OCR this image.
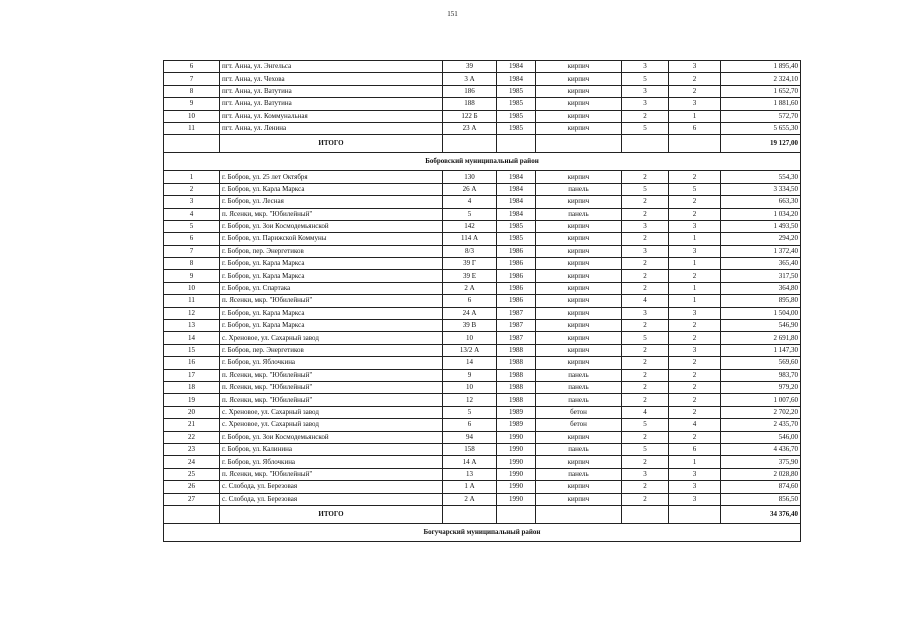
151
6	пгт. Анна, ул. Энгельса	39	1984	кирпич	3	3	1 895,40
7	пгт. Анна, ул. Чехова	3 А	1984	кирпич	5	2	2 324,10
8	пгт. Анна, ул. Ватутина	186	1985	кирпич	3	2	1 652,70
9	пгт. Анна, ул. Ватутина	188	1985	кирпич	3	3	1 881,60
10	пгт. Анна, ул. Коммунальная	122 Б	1985	кирпич	2	1	572,70
11	пгт. Анна, ул. Ленина	23 А	1985	кирпич	5	6	5 655,30
	ИТОГО						19 127,00
Бобровский муниципальный район							
1	г. Бобров, ул. 25 лет Октября	130	1984	кирпич	2	2	554,30
2	г. Бобров, ул. Карла Маркса	26 А	1984	панель	5	5	3 334,50
3	г. Бобров, ул. Лесная	4	1984	кирпич	2	2	663,30
4	п. Ясенки, мкр. "Юбилейный"	5	1984	панель	2	2	1 034,20
5	г. Бобров, ул. Зои Космодемьянской	142	1985	кирпич	3	3	1 493,50
6	г. Бобров, ул. Парижской Коммуны	114 А	1985	кирпич	2	1	294,20
7	г. Бобров, пер. Энергетиков	8/3	1986	кирпич	3	3	1 372,40
8	г. Бобров, ул. Карла Маркса	39 Г	1986	кирпич	2	1	365,40
9	г. Бобров, ул. Карла Маркса	39 Е	1986	кирпич	2	2	317,50
10	г. Бобров, ул. Спартака	2 А	1986	кирпич	2	1	364,80
11	п. Ясенки, мкр. "Юбилейный"	6	1986	кирпич	4	1	895,80
12	г. Бобров, ул. Карла Маркса	24 А	1987	кирпич	3	3	1 504,00
13	г. Бобров, ул. Карла Маркса	39 В	1987	кирпич	2	2	546,90
14	с. Хреновое, ул. Сахарный завод	10	1987	кирпич	5	2	2 691,80
15	г. Бобров, пер. Энергетиков	13/2 А	1988	кирпич	2	3	1 147,30
16	г. Бобров, ул. Яблочкина	14	1988	кирпич	2	2	569,60
17	п. Ясенки, мкр. "Юбилейный"	9	1988	панель	2	2	983,70
18	п. Ясенки, мкр. "Юбилейный"	10	1988	панель	2	2	979,20
19	п. Ясенки, мкр. "Юбилейный"	12	1988	панель	2	2	1 007,60
20	с. Хреновое, ул. Сахарный завод	5	1989	бетон	4	2	2 702,20
21	с. Хреновое, ул. Сахарный завод	6	1989	бетон	5	4	2 435,70
22	г. Бобров, ул. Зои Космодемьянской	94	1990	кирпич	2	2	546,00
23	г. Бобров, ул. Калинина	158	1990	панель	5	6	4 436,70
24	г. Бобров, ул. Яблочкина	14 А	1990	кирпич	2	1	375,90
25	п. Ясенки, мкр. "Юбилейный"	13	1990	панель	3	3	2 028,80
26	с. Слобода, ул. Березовая	1 А	1990	кирпич	2	3	874,60
27	с. Слобода, ул. Березовая	2 А	1990	кирпич	2	3	856,50
	ИТОГО						34 376,40
Богучарский муниципальный район							
